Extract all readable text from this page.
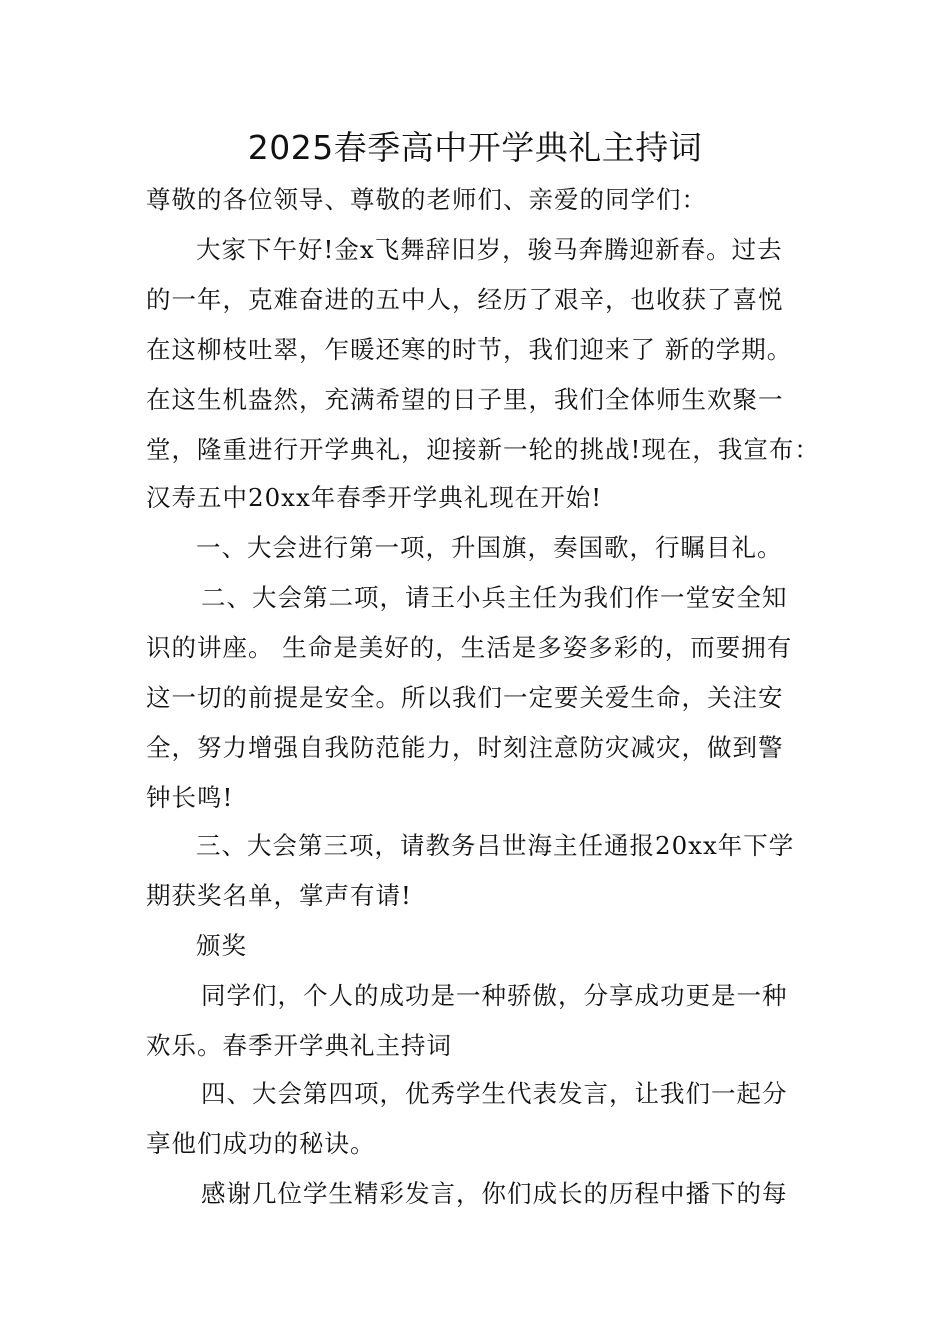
2025春季高中开学典礼主持词
尊敬的各位领导、尊敬的老师们、亲爱的同学们：
大家下午好!金x飞舞辞旧岁，骏马奔腾迎新春。过去
的一年，克难奋进的五中人，经历了艰辛，也收获了喜悦
在这柳枝吐翠，乍暖还寒的时节，我们迎来了 新的学期。
在这生机盎然，充满希望的日子里，我们全体师生欢聚一
堂，隆重进行开学典礼，迎接新一轮的挑战!现在，我宣布：
汉寿五中20xx年春季开学典礼现在开始!
一、大会进行第一项，升国旗，奏国歌，行瞩目礼。
二、大会第二项，请王小兵主任为我们作一堂安全知
识的讲座。 生命是美好的，生活是多姿多彩的，而要拥有
这一切的前提是安全。所以我们一定要关爱生命，关注安
全，努力增强自我防范能力，时刻注意防灾减灾，做到警
钟长鸣!
三、大会第三项，请教务吕世海主任通报20xx年下学
期获奖名单，掌声有请!
颁奖
同学们，个人的成功是一种骄傲，分享成功更是一种
欢乐。春季开学典礼主持词
四、大会第四项，优秀学生代表发言，让我们一起分
享他们成功的秘诀。
感谢几位学生精彩发言，你们成长的历程中播下的每
